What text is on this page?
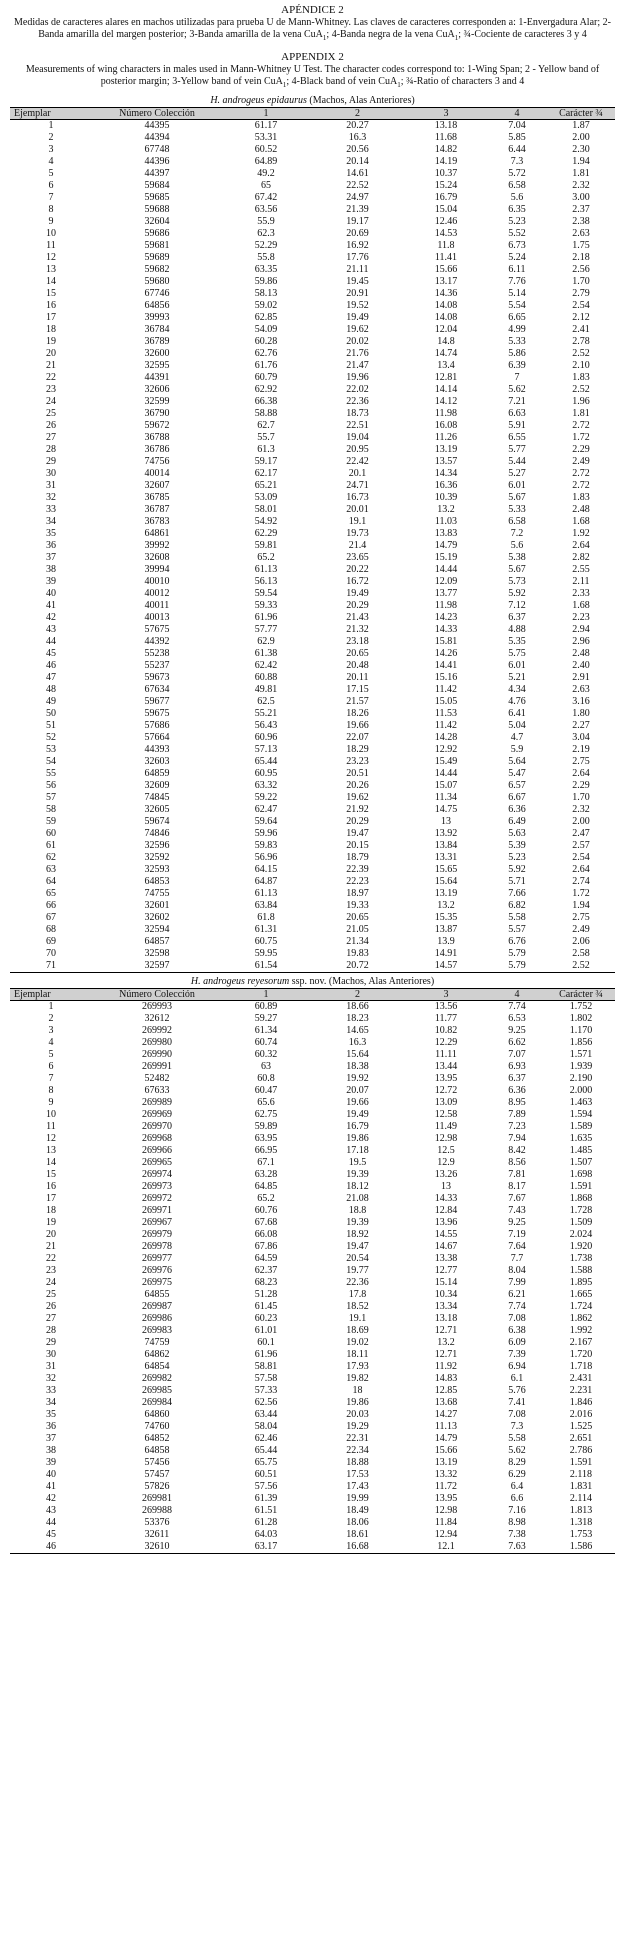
APÉNDICE 2
Medidas de caracteres alares en machos utilizadas para prueba U de Mann-Whitney. Las claves de caracteres corresponden a: 1-Envergadura Alar; 2-Banda amarilla del margen posterior; 3-Banda amarilla de la vena CuA$_1$; 4-Banda negra de la vena CuA$_1$; ¾-Cociente de caracteres 3 y 4
APPENDIX 2
Measurements of wing characters in males used in Mann-Whitney U Test. The character codes correspond to: 1-Wing Span; 2 - Yellow band of posterior margin; 3-Yellow band of vein CuA$_1$; 4-Black band of vein CuA$_1$; ¾-Ratio of characters 3 and 4
H. androgeus epidaurus (Machos, Alas Anteriores)
Ejemplar	Número Colección	1	2	3	4	Carácter ¾
1	44395	61.17	20.27	13.18	7.04	1.87
2	44394	53.31	16.3	11.68	5.85	2.00
3	67748	60.52	20.56	14.82	6.44	2.30
4	44396	64.89	20.14	14.19	7.3	1.94
5	44397	49.2	14.61	10.37	5.72	1.81
6	59684	65	22.52	15.24	6.58	2.32
7	59685	67.42	24.97	16.79	5.6	3.00
8	59688	63.56	21.39	15.04	6.35	2.37
9	32604	55.9	19.17	12.46	5.23	2.38
10	59686	62.3	20.69	14.53	5.52	2.63
11	59681	52.29	16.92	11.8	6.73	1.75
12	59689	55.8	17.76	11.41	5.24	2.18
13	59682	63.35	21.11	15.66	6.11	2.56
14	59680	59.86	19.45	13.17	7.76	1.70
15	67746	58.13	20.91	14.36	5.14	2.79
16	64856	59.02	19.52	14.08	5.54	2.54
17	39993	62.85	19.49	14.08	6.65	2.12
18	36784	54.09	19.62	12.04	4.99	2.41
19	36789	60.28	20.02	14.8	5.33	2.78
20	32600	62.76	21.76	14.74	5.86	2.52
21	32595	61.76	21.47	13.4	6.39	2.10
22	44391	60.79	19.96	12.81	7	1.83
23	32606	62.92	22.02	14.14	5.62	2.52
24	32599	66.38	22.36	14.12	7.21	1.96
25	36790	58.88	18.73	11.98	6.63	1.81
26	59672	62.7	22.51	16.08	5.91	2.72
27	36788	55.7	19.04	11.26	6.55	1.72
28	36786	61.3	20.95	13.19	5.77	2.29
29	74756	59.17	22.42	13.57	5.44	2.49
30	40014	62.17	20.1	14.34	5.27	2.72
31	32607	65.21	24.71	16.36	6.01	2.72
32	36785	53.09	16.73	10.39	5.67	1.83
33	36787	58.01	20.01	13.2	5.33	2.48
34	36783	54.92	19.1	11.03	6.58	1.68
35	64861	62.29	19.73	13.83	7.2	1.92
36	39992	59.81	21.4	14.79	5.6	2.64
37	32608	65.2	23.65	15.19	5.38	2.82
38	39994	61.13	20.22	14.44	5.67	2.55
39	40010	56.13	16.72	12.09	5.73	2.11
40	40012	59.54	19.49	13.77	5.92	2.33
41	40011	59.33	20.29	11.98	7.12	1.68
42	40013	61.96	21.43	14.23	6.37	2.23
43	57675	57.77	21.32	14.33	4.88	2.94
44	44392	62.9	23.18	15.81	5.35	2.96
45	55238	61.38	20.65	14.26	5.75	2.48
46	55237	62.42	20.48	14.41	6.01	2.40
47	59673	60.88	20.11	15.16	5.21	2.91
48	67634	49.81	17.15	11.42	4.34	2.63
49	59677	62.5	21.57	15.05	4.76	3.16
50	59675	55.21	18.26	11.53	6.41	1.80
51	57686	56.43	19.66	11.42	5.04	2.27
52	57664	60.96	22.07	14.28	4.7	3.04
53	44393	57.13	18.29	12.92	5.9	2.19
54	32603	65.44	23.23	15.49	5.64	2.75
55	64859	60.95	20.51	14.44	5.47	2.64
56	32609	63.32	20.26	15.07	6.57	2.29
57	74845	59.22	19.62	11.34	6.67	1.70
58	32605	62.47	21.92	14.75	6.36	2.32
59	59674	59.64	20.29	13	6.49	2.00
60	74846	59.96	19.47	13.92	5.63	2.47
61	32596	59.83	20.15	13.84	5.39	2.57
62	32592	56.96	18.79	13.31	5.23	2.54
63	32593	64.15	22.39	15.65	5.92	2.64
64	64853	64.87	22.23	15.64	5.71	2.74
65	74755	61.13	18.97	13.19	7.66	1.72
66	32601	63.84	19.33	13.2	6.82	1.94
67	32602	61.8	20.65	15.35	5.58	2.75
68	32594	61.31	21.05	13.87	5.57	2.49
69	64857	60.75	21.34	13.9	6.76	2.06
70	32598	59.95	19.83	14.91	5.79	2.58
71	32597	61.54	20.72	14.57	5.79	2.52
H. androgeus reyesorum ssp. nov. (Machos, Alas Anteriores)
Ejemplar	Número Colección	1	2	3	4	Carácter ¾
1	269993	60.89	18.66	13.56	7.74	1.752
2	32612	59.27	18.23	11.77	6.53	1.802
3	269992	61.34	14.65	10.82	9.25	1.170
4	269980	60.74	16.3	12.29	6.62	1.856
5	269990	60.32	15.64	11.11	7.07	1.571
6	269991	63	18.38	13.44	6.93	1.939
7	52482	60.8	19.92	13.95	6.37	2.190
8	67633	60.47	20.07	12.72	6.36	2.000
9	269989	65.6	19.66	13.09	8.95	1.463
10	269969	62.75	19.49	12.58	7.89	1.594
11	269970	59.89	16.79	11.49	7.23	1.589
12	269968	63.95	19.86	12.98	7.94	1.635
13	269966	66.95	17.18	12.5	8.42	1.485
14	269965	67.1	19.5	12.9	8.56	1.507
15	269974	63.28	19.39	13.26	7.81	1.698
16	269973	64.85	18.12	13	8.17	1.591
17	269972	65.2	21.08	14.33	7.67	1.868
18	269971	60.76	18.8	12.84	7.43	1.728
19	269967	67.68	19.39	13.96	9.25	1.509
20	269979	66.08	18.92	14.55	7.19	2.024
21	269978	67.86	19.47	14.67	7.64	1.920
22	269977	64.59	20.54	13.38	7.7	1.738
23	269976	62.37	19.77	12.77	8.04	1.588
24	269975	68.23	22.36	15.14	7.99	1.895
25	64855	51.28	17.8	10.34	6.21	1.665
26	269987	61.45	18.52	13.34	7.74	1.724
27	269986	60.23	19.1	13.18	7.08	1.862
28	269983	61.01	18.69	12.71	6.38	1.992
29	74759	60.1	19.02	13.2	6.09	2.167
30	64862	61.96	18.11	12.71	7.39	1.720
31	64854	58.81	17.93	11.92	6.94	1.718
32	269982	57.58	19.82	14.83	6.1	2.431
33	269985	57.33	18	12.85	5.76	2.231
34	269984	62.56	19.86	13.68	7.41	1.846
35	64860	63.44	20.03	14.27	7.08	2.016
36	74760	58.04	19.29	11.13	7.3	1.525
37	64852	62.46	22.31	14.79	5.58	2.651
38	64858	65.44	22.34	15.66	5.62	2.786
39	57456	65.75	18.88	13.19	8.29	1.591
40	57457	60.51	17.53	13.32	6.29	2.118
41	57826	57.56	17.43	11.72	6.4	1.831
42	269981	61.39	19.99	13.95	6.6	2.114
43	269988	61.51	18.49	12.98	7.16	1.813
44	53376	61.28	18.06	11.84	8.98	1.318
45	32611	64.03	18.61	12.94	7.38	1.753
46	32610	63.17	16.68	12.1	7.63	1.586
